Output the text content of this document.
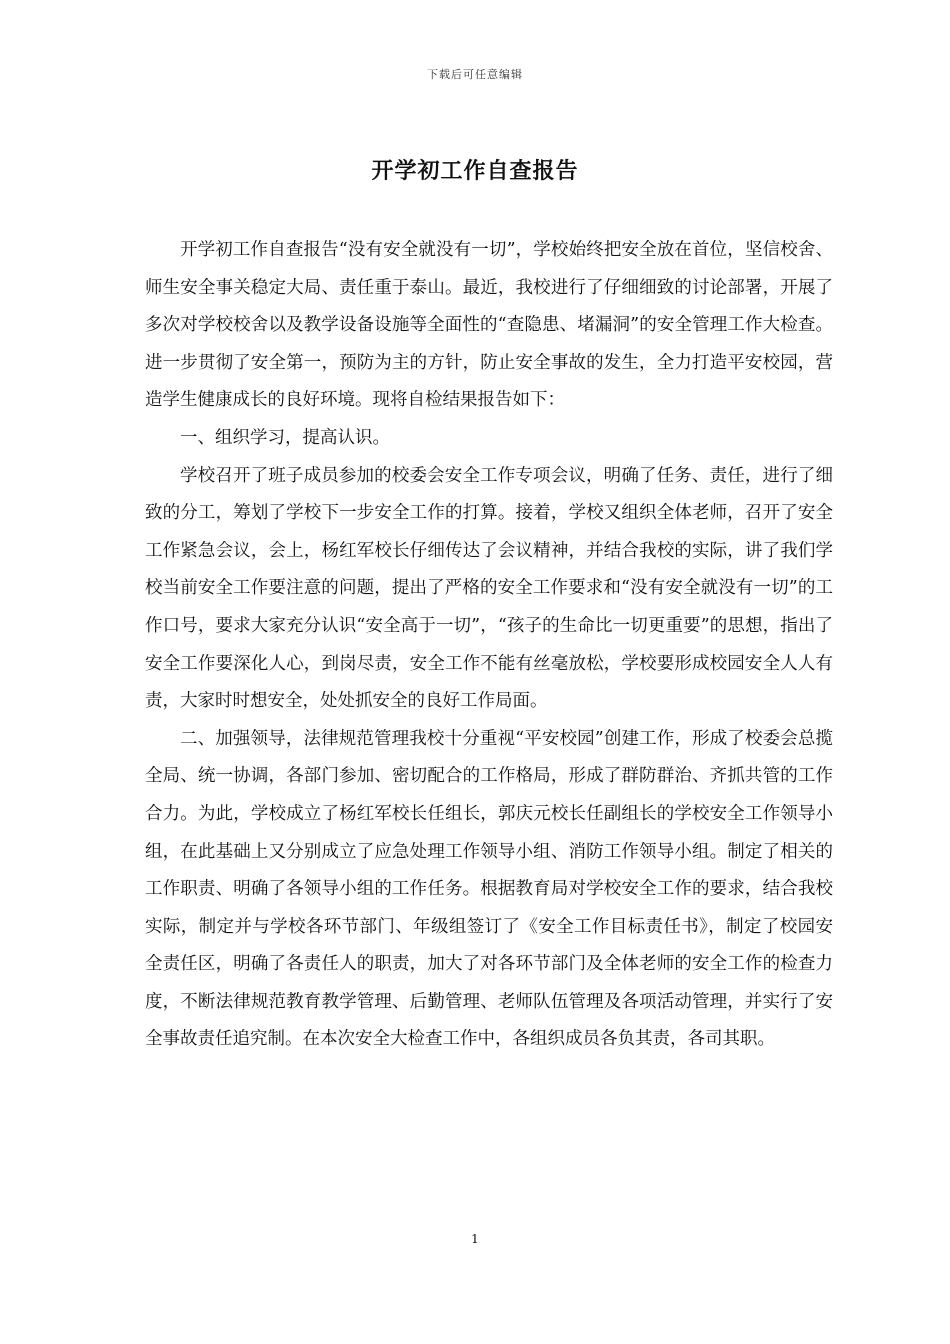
下载后可任意编辑
开学初工作自查报告

开学初工作自查报告“没有安全就没有一切”，学校始终把安全放在首位，坚信校舍、师生安全事关稳定大局、责任重于泰山。最近，我校进行了仔细细致的讨论部署，开展了多次对学校校舍以及教学设备设施等全面性的“查隐患、堵漏洞”的安全管理工作大检查。进一步贯彻了安全第一，预防为主的方针，防止安全事故的发生，全力打造平安校园，营造学生健康成长的良好环境。现将自检结果报告如下：

一、组织学习，提高认识。

学校召开了班子成员参加的校委会安全工作专项会议，明确了任务、责任，进行了细致的分工，筹划了学校下一步安全工作的打算。接着，学校又组织全体老师，召开了安全工作紧急会议，会上，杨红军校长仔细传达了会议精神，并结合我校的实际，讲了我们学校当前安全工作要注意的问题，提出了严格的安全工作要求和“没有安全就没有一切”的工作口号，要求大家充分认识“安全高于一切”，“孩子的生命比一切更重要”的思想，指出了安全工作要深化人心，到岗尽责，安全工作不能有丝毫放松，学校要形成校园安全人人有责，大家时时想安全，处处抓安全的良好工作局面。

二、加强领导，法律规范管理我校十分重视“平安校园”创建工作，形成了校委会总揽全局、统一协调，各部门参加、密切配合的工作格局，形成了群防群治、齐抓共管的工作合力。为此，学校成立了杨红军校长任组长，郭庆元校长任副组长的学校安全工作领导小组，在此基础上又分别成立了应急处理工作领导小组、消防工作领导小组。制定了相关的工作职责、明确了各领导小组的工作任务。根据教育局对学校安全工作的要求，结合我校实际，制定并与学校各环节部门、年级组签订了《安全工作目标责任书》，制定了校园安全责任区，明确了各责任人的职责，加大了对各环节部门及全体老师的安全工作的检查力度，不断法律规范教育教学管理、后勤管理、老师队伍管理及各项活动管理，并实行了安全事故责任追究制。在本次安全大检查工作中，各组织成员各负其责，各司其职。

1
